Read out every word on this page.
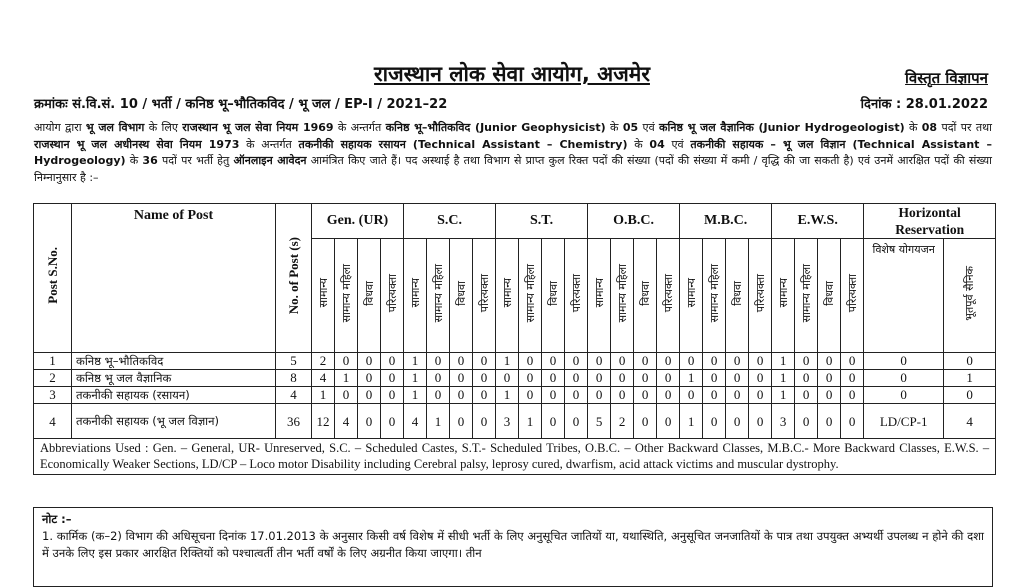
राजस्थान लोक सेवा आयोग, अजमेर	विस्तृत विज्ञापन
क्रमांकः सं.वि.सं. 10 / भर्ती / कनिष्ठ भू–भौतिकविद / भू जल / EP-I / 2021–22	दिनांक : 28.01.2022

आयोग द्वारा भू जल विभाग के लिए राजस्थान भू जल सेवा नियम 1969 के अन्तर्गत कनिष्ठ भू–भौतिकविद (Junior Geophysicist) के 05 एवं कनिष्ठ भू जल वैज्ञानिक (Junior Hydrogeologist) के 08 पदों पर तथा राजस्थान भू जल अधीनस्थ सेवा नियम 1973 के अन्तर्गत तकनीकी सहायक रसायन (Technical Assistant – Chemistry) के 04 एवं तकनीकी सहायक – भू जल विज्ञान (Technical Assistant – Hydrogeology) के 36 पदों पर भर्ती हेतु ऑनलाइन आवेदन आमंत्रित किए जाते हैं। पद अस्थाई है तथा विभाग से प्राप्त कुल रिक्त पदों की संख्या (पदों की संख्या में कमी / वृद्धि की जा सकती है) एवं उनमें आरक्षित पदों की संख्या निम्नानुसार है :–

Post S.No.	Name of Post	No. of Post (s)	Gen. (UR)				S.C.				S.T.				O.B.C.				M.B.C.				E.W.S.				Horizontal Reservation	
			सामान्य	सामान्य महिला	विधवा	परित्यक्ता	सामान्य	सामान्य महिला	विधवा	परित्यक्ता	सामान्य	सामान्य महिला	विधवा	परित्यक्ता	सामान्य	सामान्य महिला	विधवा	परित्यक्ता	सामान्य	सामान्य महिला	विधवा	परित्यक्ता	सामान्य	सामान्य महिला	विधवा	परित्यक्ता	विशेष योगयजन	भूतपूर्व सैनिक
1	कनिष्ठ भू–भौतिकविद	5	2	0	0	0	1	0	0	0	1	0	0	0	0	0	0	0	0	0	0	0	1	0	0	0	0	0
2	कनिष्ठ भू जल वैज्ञानिक	8	4	1	0	0	1	0	0	0	0	0	0	0	0	0	0	0	1	0	0	0	1	0	0	0	0	1
3	तकनीकी सहायक (रसायन)	4	1	0	0	0	1	0	0	0	1	0	0	0	0	0	0	0	0	0	0	0	1	0	0	0	0	0
4	तकनीकी सहायक (भू जल विज्ञान)	36	12	4	0	0	4	1	0	0	3	1	0	0	5	2	0	0	1	0	0	0	3	0	0	0	LD/CP-1	4
Abbreviations Used : Gen. – General, UR- Unreserved, S.C. – Scheduled Castes, S.T.- Scheduled Tribes, O.B.C. – Other Backward Classes, M.B.C.- More Backward Classes, E.W.S. – Economically Weaker Sections, LD/CP – Loco motor Disability including Cerebral palsy, leprosy cured, dwarfism, acid attack victims and muscular dystrophy.																												
नोट :–
1. कार्मिक (क–2) विभाग की अधिसूचना दिनांक 17.01.2013 के अनुसार किसी वर्ष विशेष में सीधी भर्ती के लिए अनुसूचित जातियों या, यथास्थिति, अनुसूचित जनजातियों के पात्र तथा उपयुक्त अभ्यर्थी उपलब्ध न होने की दशा में उनके लिए इस प्रकार आरक्षित रिक्तियों को पश्चात्वर्ती तीन भर्ती वर्षों के लिए अग्रनीत किया जाएगा। तीन
